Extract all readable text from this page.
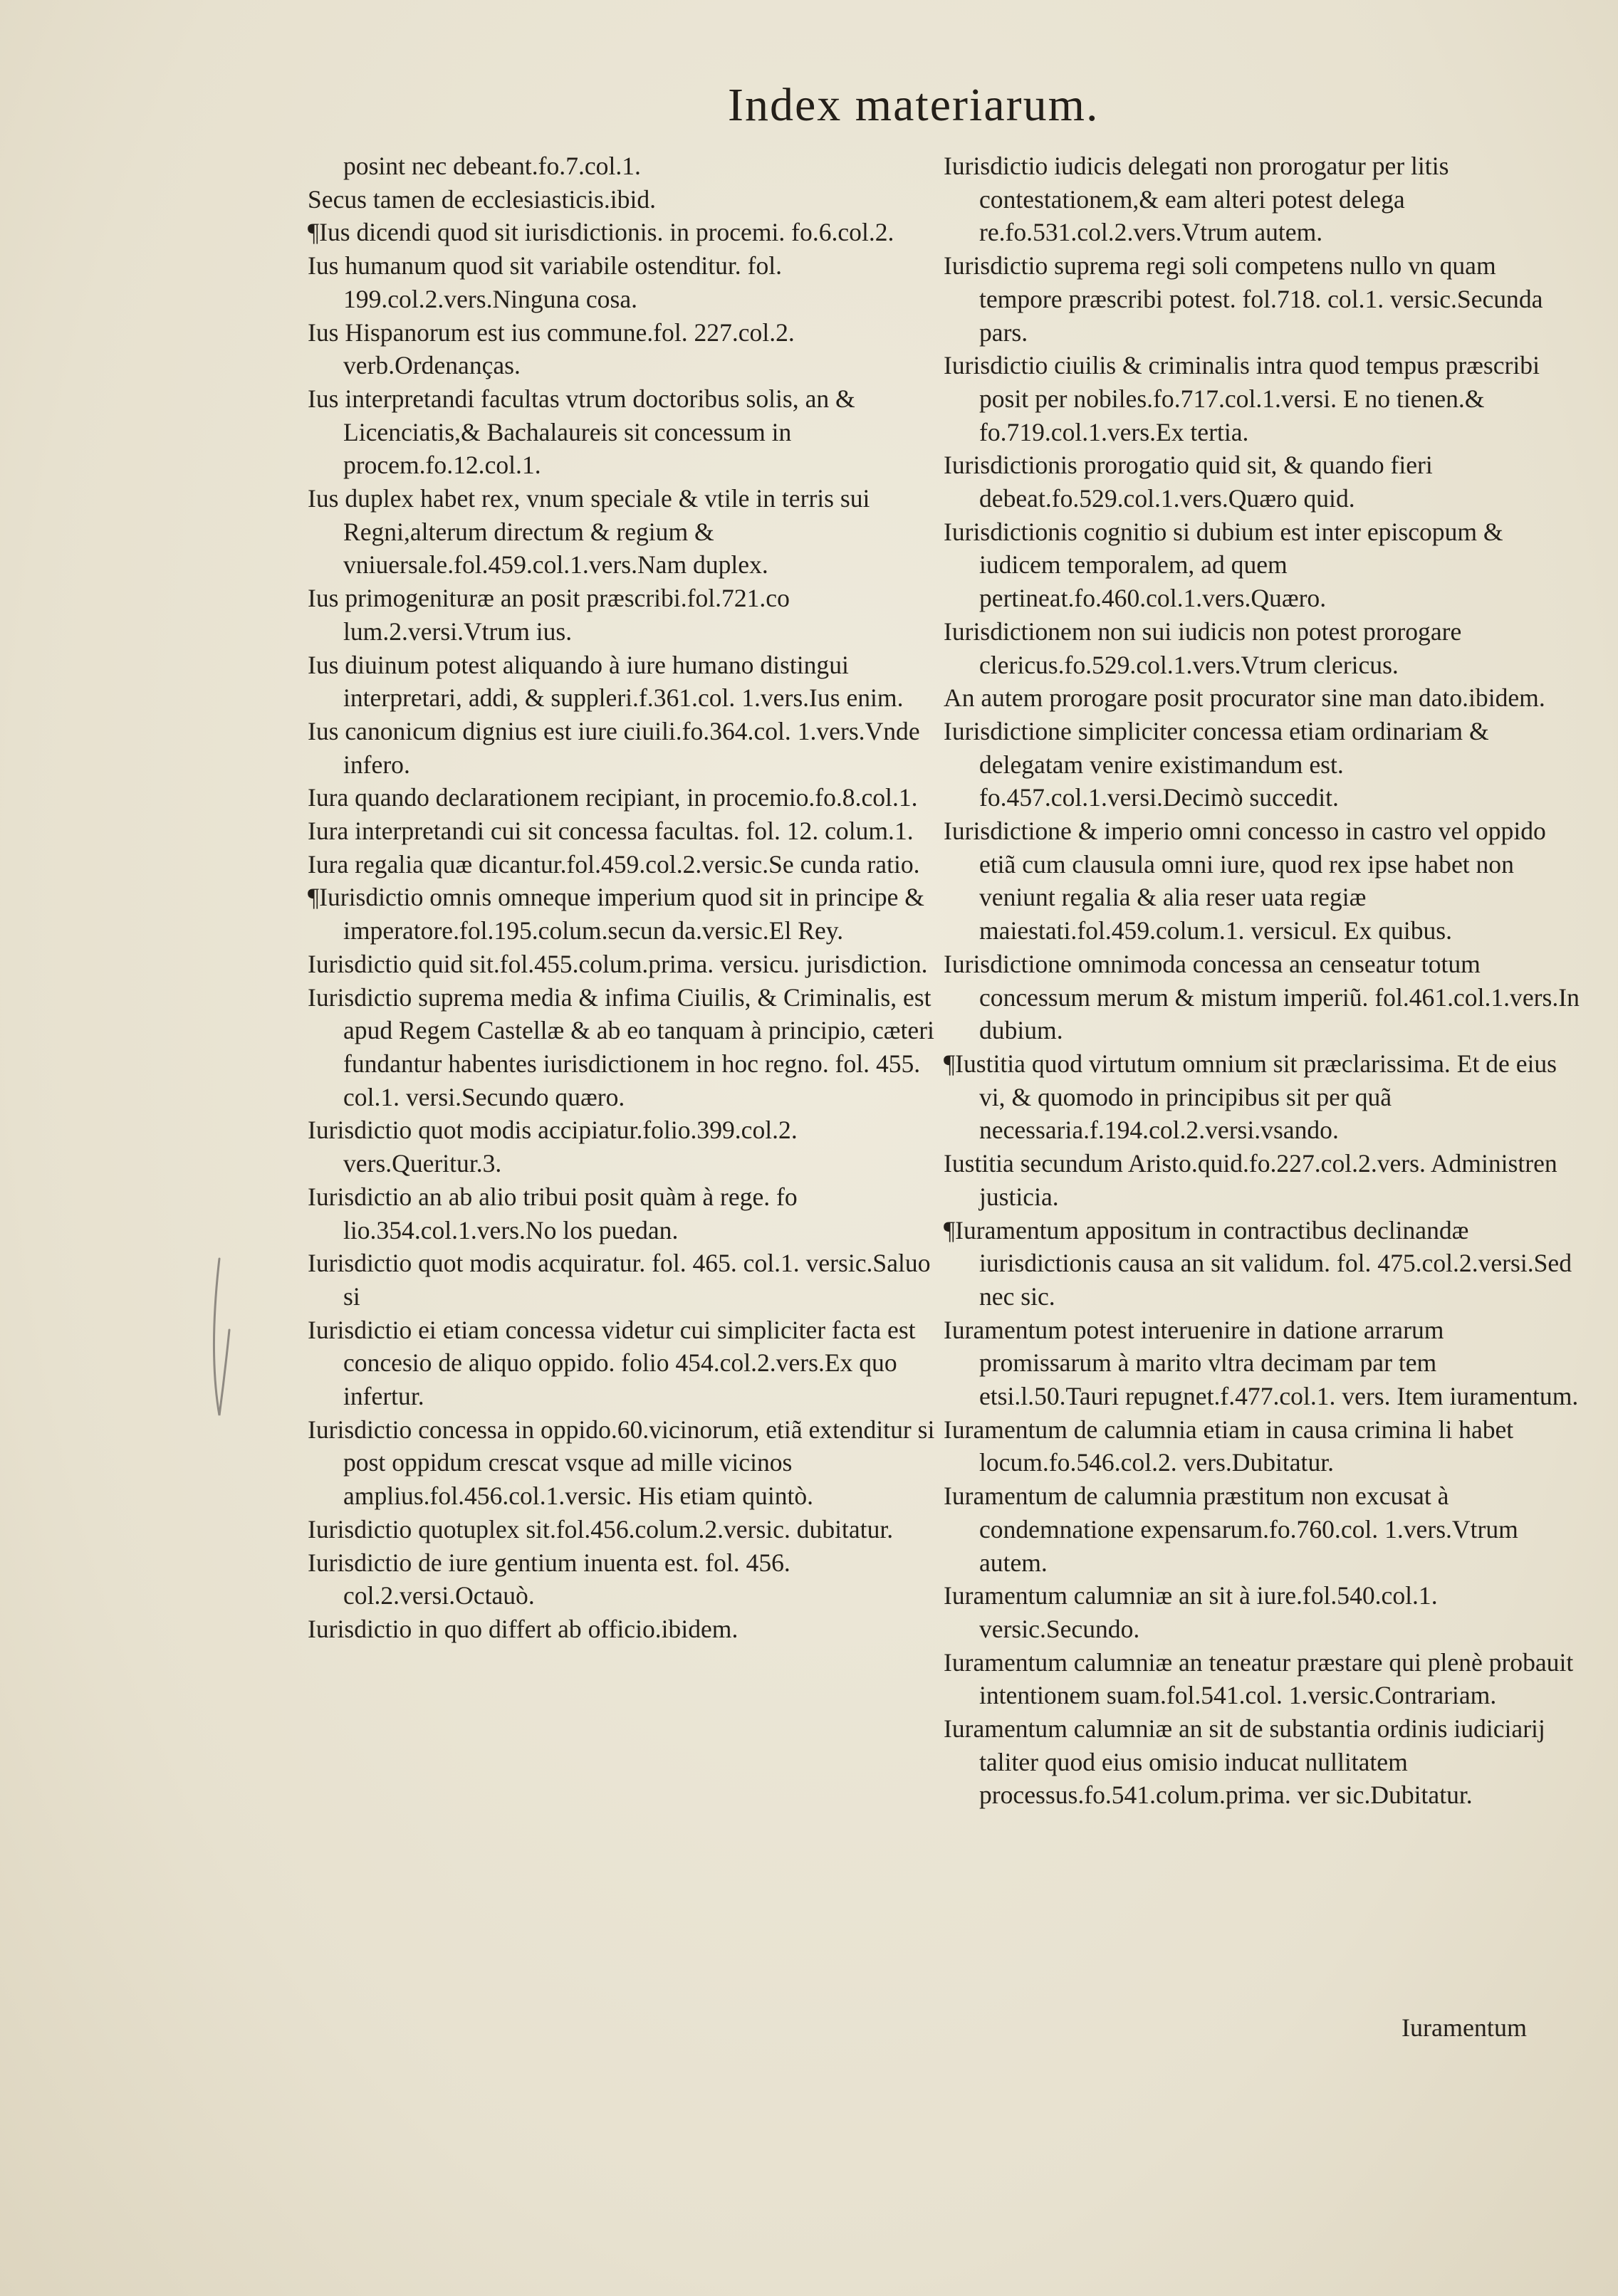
Index materiarum.

posint nec debeant.fo.7.col.1.

Secus tamen de ecclesiasticis.ibid.

¶Ius dicendi quod sit iurisdictionis. in procemi. fo.6.col.2.

Ius humanum quod sit variabile ostenditur. fol. 199.col.2.vers.Ninguna cosa.

Ius Hispanorum est ius commune.fol. 227.col.2. verb.Ordenanças.

Ius interpretandi facultas vtrum doctoribus solis, an & Licenciatis,& Bachalaureis sit concessum in procem.fo.12.col.1.

Ius duplex habet rex, vnum speciale & vtile in terris sui Regni,alterum directum & regium & vniuersale.fol.459.col.1.vers.Nam duplex.

Ius primogenituræ an posit præscribi.fol.721.co lum.2.versi.Vtrum ius.

Ius diuinum potest aliquando à iure humano distingui interpretari, addi, & suppleri.f.361.col. 1.vers.Ius enim.

Ius canonicum dignius est iure ciuili.fo.364.col. 1.vers.Vnde infero.

Iura quando declarationem recipiant, in procemio.fo.8.col.1.

Iura interpretandi cui sit concessa facultas. fol. 12. colum.1.

Iura regalia quæ dicantur.fol.459.col.2.versic.Se cunda ratio.

¶Iurisdictio omnis omneque imperium quod sit in principe & imperatore.fol.195.colum.secun da.versic.El Rey.

Iurisdictio quid sit.fol.455.colum.prima. versicu. jurisdiction.

Iurisdictio suprema media & infima Ciuilis, & Criminalis, est apud Regem Castellæ & ab eo tanquam à principio, cæteri fundantur habentes iurisdictionem in hoc regno. fol. 455. col.1. versi.Secundo quæro.

Iurisdictio quot modis accipiatur.folio.399.col.2. vers.Queritur.3.

Iurisdictio an ab alio tribui posit quàm à rege. fo lio.354.col.1.vers.No los puedan.

Iurisdictio quot modis acquiratur. fol. 465. col.1. versic.Saluo si

Iurisdictio ei etiam concessa videtur cui simpliciter facta est concesio de aliquo oppido. folio 454.col.2.vers.Ex quo infertur.

Iurisdictio concessa in oppido.60.vicinorum, etiã extenditur si post oppidum crescat vsque ad mille vicinos amplius.fol.456.col.1.versic. His etiam quintò.

Iurisdictio quotuplex sit.fol.456.colum.2.versic. dubitatur.

Iurisdictio de iure gentium inuenta est. fol. 456. col.2.versi.Octauò.

Iurisdictio in quo differt ab officio.ibidem.

Iurisdictio iudicis delegati non prorogatur per litis contestationem,& eam alteri potest delega re.fo.531.col.2.vers.Vtrum autem.

Iurisdictio suprema regi soli competens nullo vn quam tempore præscribi potest. fol.718. col.1. versic.Secunda pars.

Iurisdictio ciuilis & criminalis intra quod tempus præscribi posit per nobiles.fo.717.col.1.versi. E no tienen.& fo.719.col.1.vers.Ex tertia.

Iurisdictionis prorogatio quid sit, & quando fieri debeat.fo.529.col.1.vers.Quæro quid.

Iurisdictionis cognitio si dubium est inter episcopum & iudicem temporalem, ad quem pertineat.fo.460.col.1.vers.Quæro.

Iurisdictionem non sui iudicis non potest prorogare clericus.fo.529.col.1.vers.Vtrum clericus.

An autem prorogare posit procurator sine man dato.ibidem.

Iurisdictione simpliciter concessa etiam ordinariam & delegatam venire existimandum est. fo.457.col.1.versi.Decimò succedit.

Iurisdictione & imperio omni concesso in castro vel oppido etiã cum clausula omni iure, quod rex ipse habet non veniunt regalia & alia reser uata regiæ maiestati.fol.459.colum.1. versicul. Ex quibus.

Iurisdictione omnimoda concessa an censeatur totum concessum merum & mistum imperiũ. fol.461.col.1.vers.In dubium.

¶Iustitia quod virtutum omnium sit præclarissima. Et de eius vi, & quomodo in principibus sit per quã necessaria.f.194.col.2.versi.vsando.

Iustitia secundum Aristo.quid.fo.227.col.2.vers. Administren justicia.

¶Iuramentum appositum in contractibus declinandæ iurisdictionis causa an sit validum. fol. 475.col.2.versi.Sed nec sic.

Iuramentum potest interuenire in datione arrarum promissarum à marito vltra decimam par tem etsi.l.50.Tauri repugnet.f.477.col.1. vers. Item iuramentum.

Iuramentum de calumnia etiam in causa crimina li habet locum.fo.546.col.2. vers.Dubitatur.

Iuramentum de calumnia præstitum non excusat à condemnatione expensarum.fo.760.col. 1.vers.Vtrum autem.

Iuramentum calumniæ an sit à iure.fol.540.col.1. versic.Secundo.

Iuramentum calumniæ an teneatur præstare qui plenè probauit intentionem suam.fol.541.col. 1.versic.Contrariam.

Iuramentum calumniæ an sit de substantia ordinis iudiciarij taliter quod eius omisio inducat nullitatem processus.fo.541.colum.prima. ver sic.Dubitatur.

Iuramentum
